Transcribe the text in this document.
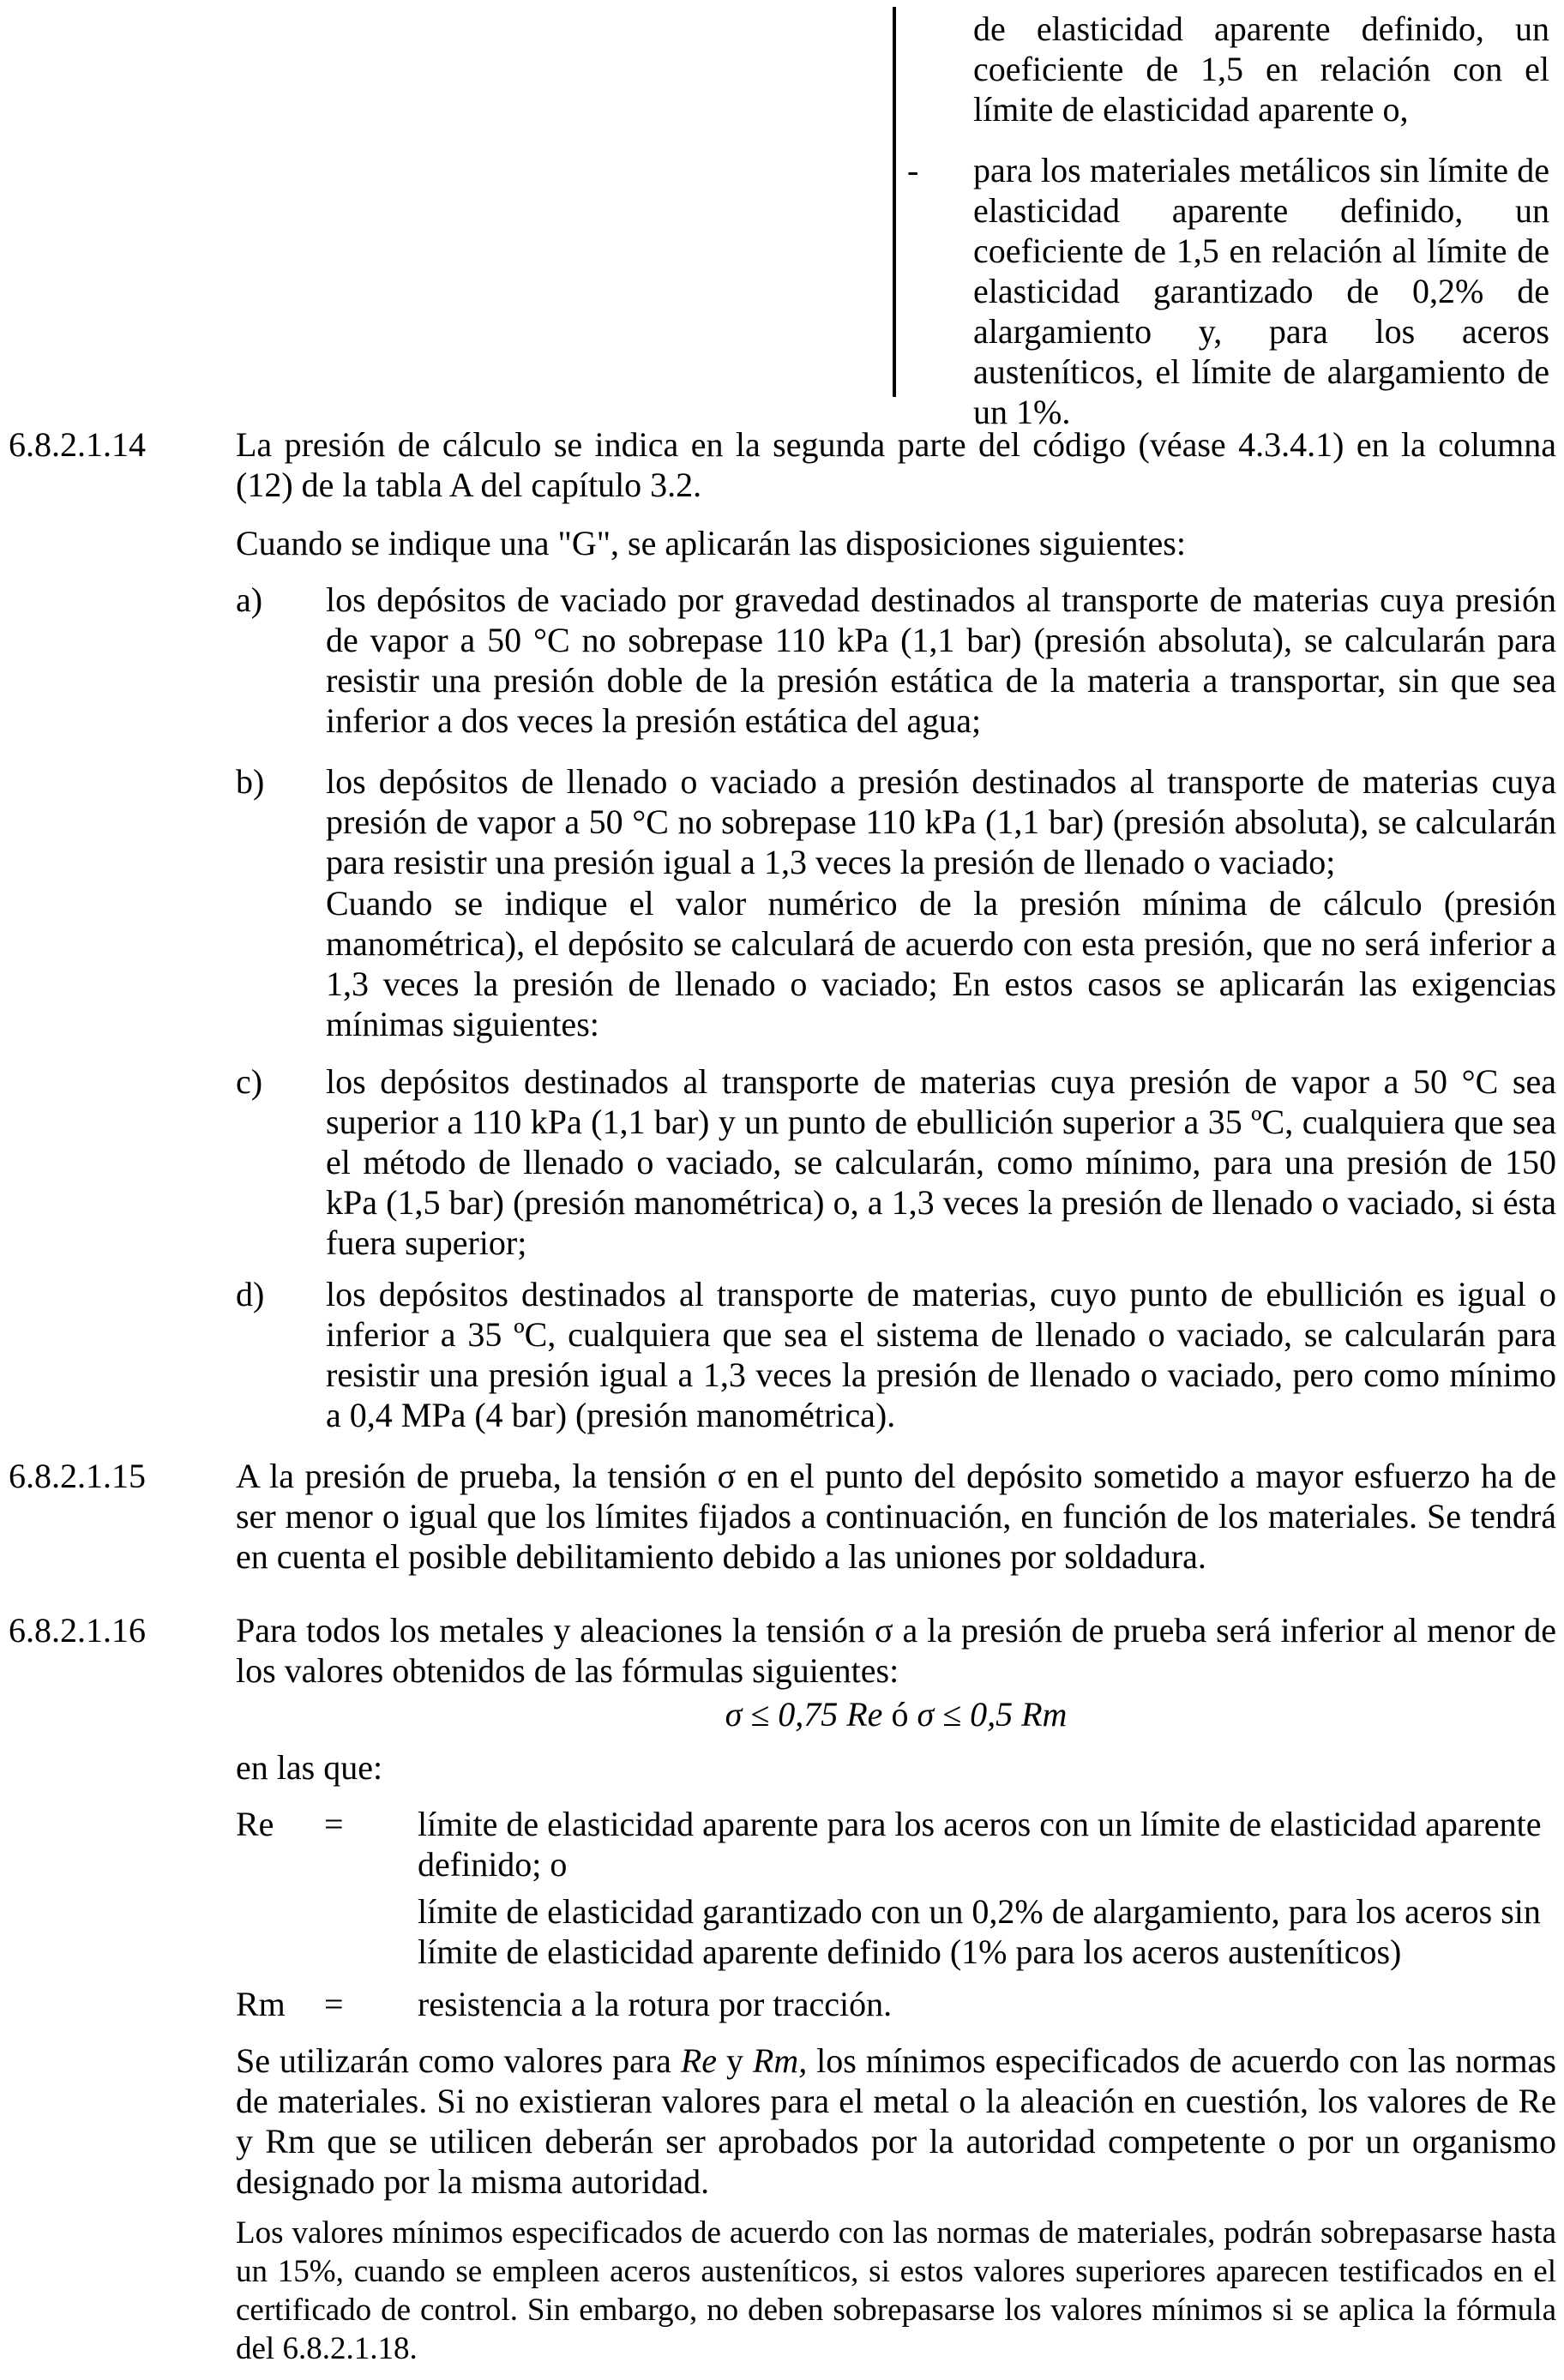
de elasticidad aparente definido, un coeficiente de 1,5 en relación con el límite de elasticidad aparente o,

- para los materiales metálicos sin límite de elasticidad aparente definido, un coeficiente de 1,5 en relación al límite de elasticidad garantizado de 0,2% de alargamiento y, para los aceros austeníticos, el límite de alargamiento de un 1%.

6.8.2.1.14	La presión de cálculo se indica en la segunda parte del código (véase 4.3.4.1) en la columna (12) de la tabla A del capítulo 3.2.

Cuando se indique una "G", se aplicarán las disposiciones siguientes:

a) los depósitos de vaciado por gravedad destinados al transporte de materias cuya presión de vapor a 50 °C no sobrepase 110 kPa (1,1 bar) (presión absoluta), se calcularán para resistir una presión doble de la presión estática de la materia a transportar, sin que sea inferior a dos veces la presión estática del agua;

b) los depósitos de llenado o vaciado a presión destinados al transporte de materias cuya presión de vapor a 50 °C no sobrepase 110 kPa (1,1 bar) (presión absoluta), se calcularán para resistir una presión igual a 1,3 veces la presión de llenado o vaciado;

Cuando se indique el valor numérico de la presión mínima de cálculo (presión manométrica), el depósito se calculará de acuerdo con esta presión, que no será inferior a 1,3 veces la presión de llenado o vaciado; En estos casos se aplicarán las exigencias mínimas siguientes:

c) los depósitos destinados al transporte de materias cuya presión de vapor a 50 °C sea superior a 110 kPa (1,1 bar) y un punto de ebullición superior a 35 ºC, cualquiera que sea el método de llenado o vaciado, se calcularán, como mínimo, para una presión de 150 kPa (1,5 bar) (presión manométrica) o, a 1,3 veces la presión de llenado o vaciado, si ésta fuera superior;

d) los depósitos destinados al transporte de materias, cuyo punto de ebullición es igual o inferior a 35 ºC, cualquiera que sea el sistema de llenado o vaciado, se calcularán para resistir una presión igual a 1,3 veces la presión de llenado o vaciado, pero como mínimo a 0,4 MPa (4 bar) (presión manométrica).

6.8.2.1.15	A la presión de prueba, la tensión σ en el punto del depósito sometido a mayor esfuerzo ha de ser menor o igual que los límites fijados a continuación, en función de los materiales. Se tendrá en cuenta el posible debilitamiento debido a las uniones por soldadura.

6.8.2.1.16	Para todos los metales y aleaciones la tensión σ a la presión de prueba será inferior al menor de los valores obtenidos de las fórmulas siguientes:

σ ≤ 0,75 Re ó σ ≤ 0,5 Rm

en las que:

Re = límite de elasticidad aparente para los aceros con un límite de elasticidad aparente definido; o

límite de elasticidad garantizado con un 0,2% de alargamiento, para los aceros sin límite de elasticidad aparente definido (1% para los aceros austeníticos)

Rm = resistencia a la rotura por tracción.

Se utilizarán como valores para Re y Rm, los mínimos especificados de acuerdo con las normas de materiales. Si no existieran valores para el metal o la aleación en cuestión, los valores de Re y Rm que se utilicen deberán ser aprobados por la autoridad competente o por un organismo designado por la misma autoridad.

Los valores mínimos especificados de acuerdo con las normas de materiales, podrán sobrepasarse hasta un 15%, cuando se empleen aceros austeníticos, si estos valores superiores aparecen testificados en el certificado de control. Sin embargo, no deben sobrepasarse los valores mínimos si se aplica la fórmula del 6.8.2.1.18.
